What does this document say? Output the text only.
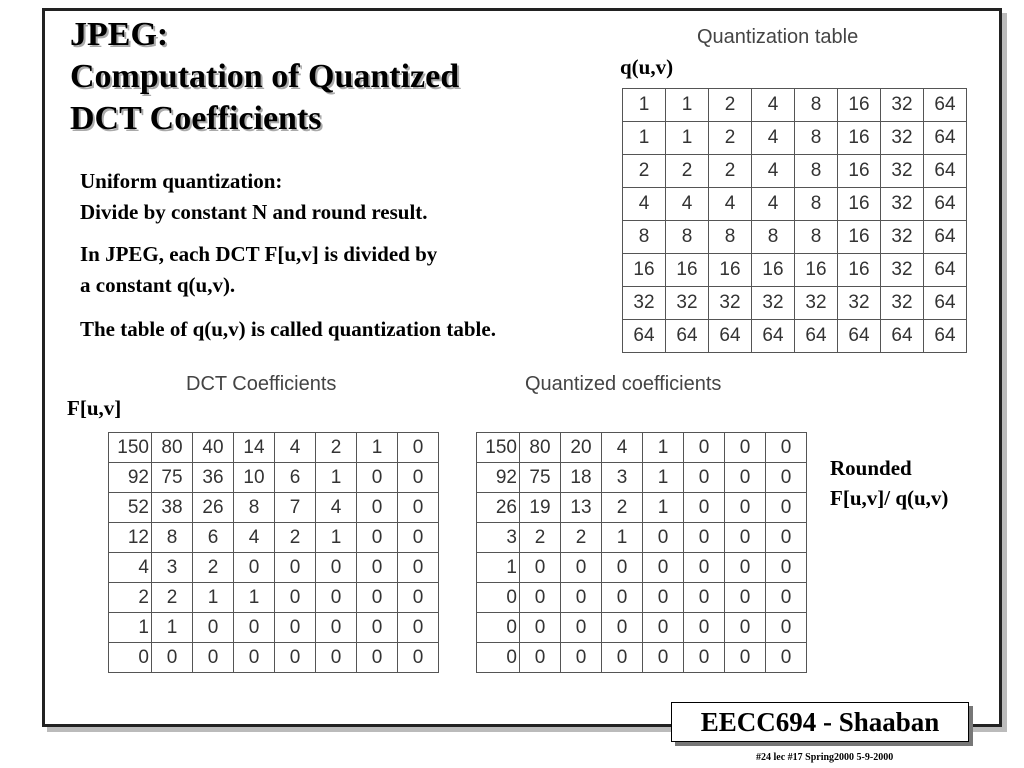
JPEG:
Computation of Quantized
DCT Coefficients
Uniform quantization:
Divide by constant N and round result.
In JPEG, each DCT F[u,v] is divided by
a constant q(u,v).
The table of q(u,v) is called quantization table.
Quantization table
q(u,v)
1	1	2	4	8	16	32	64
1	1	2	4	8	16	32	64
2	2	2	4	8	16	32	64
4	4	4	4	8	16	32	64
8	8	8	8	8	16	32	64
16	16	16	16	16	16	32	64
32	32	32	32	32	32	32	64
64	64	64	64	64	64	64	64
DCT Coefficients
F[u,v]
150	80	40	14	4	2	1	0
92	75	36	10	6	1	0	0
52	38	26	8	7	4	0	0
12	8	6	4	2	1	0	0
4	3	2	0	0	0	0	0
2	2	1	1	0	0	0	0
1	1	0	0	0	0	0	0
0	0	0	0	0	0	0	0
Quantized coefficients
150	80	20	4	1	0	0	0
92	75	18	3	1	0	0	0
26	19	13	2	1	0	0	0
3	2	2	1	0	0	0	0
1	0	0	0	0	0	0	0
0	0	0	0	0	0	0	0
0	0	0	0	0	0	0	0
0	0	0	0	0	0	0	0
Rounded
F[u,v]/ q(u,v)
EECC694 - Shaaban
#24 lec #17 Spring2000 5-9-2000
